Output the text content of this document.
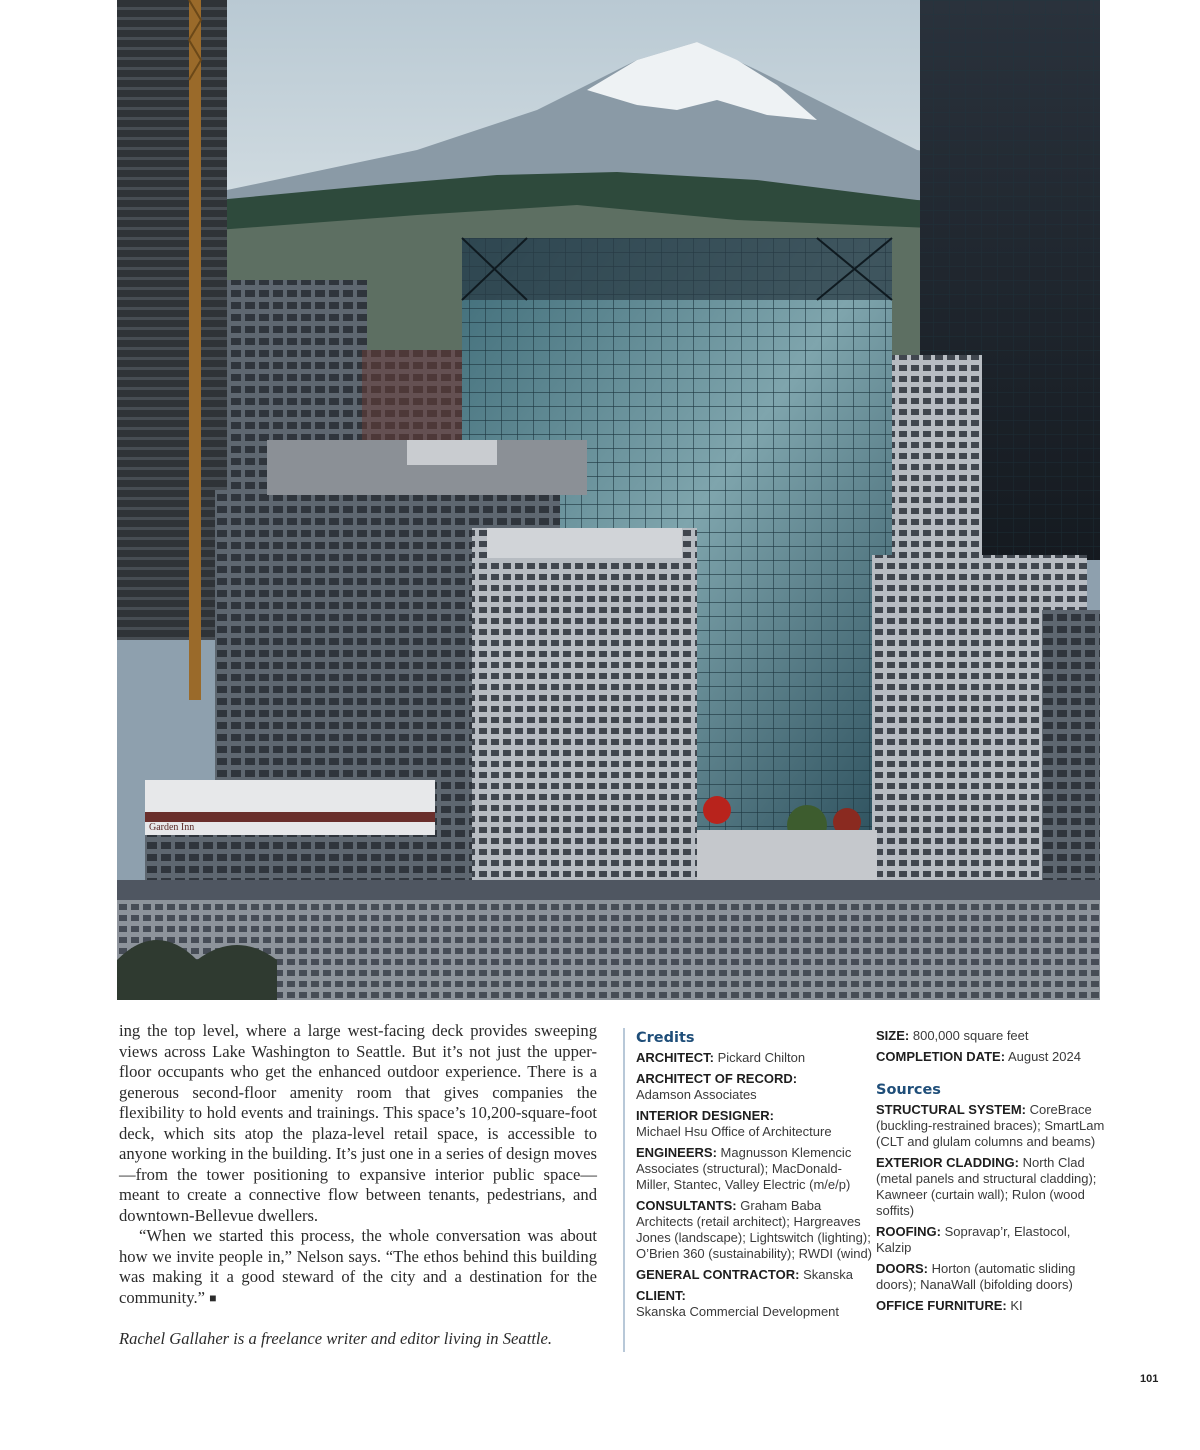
Garden Inn

ing the top level, where a large west-facing deck provides sweeping views across Lake Washington to Seattle. But it’s not just the upper-floor occupants who get the enhanced outdoor experience. There is a generous second-floor amenity room that gives companies the flexibility to hold events and trainings. This space’s 10,200-square-foot deck, which sits atop the plaza-level retail space, is accessible to anyone working in the building. It’s just one in a series of design moves—from the tower positioning to expansive interior public space—meant to create a connective flow between tenants, pedestrians, and downtown-Bellevue dwellers.

“When we started this process, the whole conversation was about how we invite people in,” Nelson says. “The ethos behind this building was making it a good steward of the city and a destination for the community.” ■

Rachel Gallaher is a freelance writer and editor living in Seattle.

Credits
ARCHITECT: Pickard Chilton
ARCHITECT OF RECORD:
Adamson Associates
INTERIOR DESIGNER:
Michael Hsu Office of Architecture
ENGINEERS: Magnusson Klemencic Associates (structural); MacDonald-Miller, Stantec, Valley Electric (m/e/p)
CONSULTANTS: Graham Baba Architects (retail architect); Hargreaves Jones (landscape); Lightswitch (lighting); O’Brien 360 (sustainability); RWDI (wind)
GENERAL CONTRACTOR: Skanska
CLIENT:
Skanska Commercial Development
SIZE: 800,000 square feet
COMPLETION DATE: August 2024
Sources
STRUCTURAL SYSTEM: CoreBrace (buckling-restrained braces); SmartLam (CLT and glulam columns and beams)
EXTERIOR CLADDING: North Clad (metal panels and structural cladding); Kawneer (curtain wall); Rulon (wood soffits)
ROOFING: Sopravap’r, Elastocol, Kalzip
DOORS: Horton (automatic sliding doors); NanaWall (bifolding doors)
OFFICE FURNITURE: KI
101
